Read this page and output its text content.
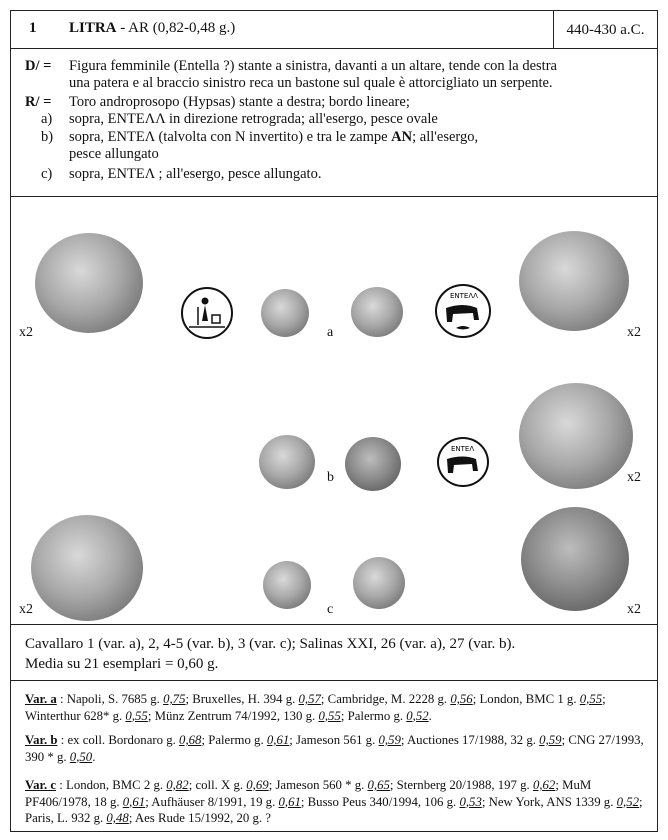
1 LITRA - AR (0,82-0,48 g.)	440-430 a.C.
D/ = Figura femminile (Entella ?) stante a sinistra, davanti a un altare, tende con la destra
una patera e al braccio sinistro reca un bastone sul quale è attorcigliato un serpente.
R/ = Toro androprosopo (Hypsas) stante a destra; bordo lineare;
a) sopra, ΕΝΤΕΛΛ in direzione retrograda; all'esergo, pesce ovale
b) sopra, ΕΝΤΕΛ (talvolta con N invertito) e tra le zampe AN; all'esergo,
pesce allungato
c) sopra, ΕΝΤΕΛ ; all'esergo, pesce allungato.
x2	a
ΕΝΤΕΛΛ
x2
b
ΕΝΤΕΛ
x2
x2	c	x2
Cavallaro 1 (var. a), 2, 4-5 (var. b), 3 (var. c); Salinas XXI, 26 (var. a), 27 (var. b).
Media su 21 esemplari = 0,60 g.
Var. a : Napoli, S. 7685 g. 0,75; Bruxelles, H. 394 g. 0,57; Cambridge, M. 2228 g. 0,56; London, BMC 1 g. 0,55; Winterthur 628* g. 0,55; Münz Zentrum 74/1992, 130 g. 0,55; Palermo g. 0,52.
Var. b : ex coll. Bordonaro g. 0,68; Palermo g. 0,61; Jameson 561 g. 0,59; Auctiones 17/1988, 32 g. 0,59; CNG 27/1993, 390 * g. 0,50.
Var. c : London, BMC 2 g. 0,82; coll. X g. 0,69; Jameson 560 * g. 0,65; Sternberg 20/1988, 197 g. 0,62; MuM PF406/1978, 18 g. 0,61; Aufhäuser 8/1991, 19 g. 0,61; Busso Peus 340/1994, 106 g. 0,53; New York, ANS 1339 g. 0,52; Paris, L. 932 g. 0,48; Aes Rude 15/1992, 20 g. ?
